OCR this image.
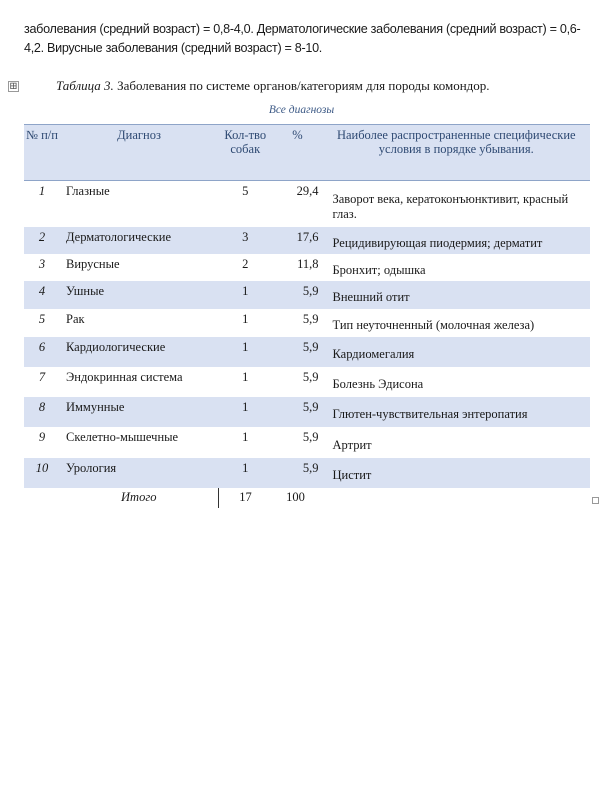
заболевания (средний возраст) = 0,8-4,0. Дерматологические заболевания (средний возраст) = 0,6-4,2. Вирусные заболевания (средний возраст) = 8-10.
⊞	Таблица 3. Заболевания по системе органов/категориям для породы комондор.
Все диагнозы
№ п/п	Диагноз	Кол-тво собак	%	Наиболее распространенные специфические условия в порядке убывания.
1	Глазные	5	29,4	Заворот века, кератоконъюнктивит, красный глаз.
2	Дерматологические	3	17,6	Рецидивирующая пиодермия; дерматит
3	Вирусные	2	11,8	Бронхит; одышка
4	Ушные	1	5,9	Внешний отит
5	Рак	1	5,9	Тип неуточненный (молочная железа)
6	Кардиологические	1	5,9	Кардиомегалия
7	Эндокринная система	1	5,9	Болезнь Эдисона
8	Иммунные	1	5,9	Глютен-чувствительная энтеропатия
9	Скелетно-мышечные	1	5,9	Артрит
10	Урология	1	5,9	Цистит
	Итого	17	100	
